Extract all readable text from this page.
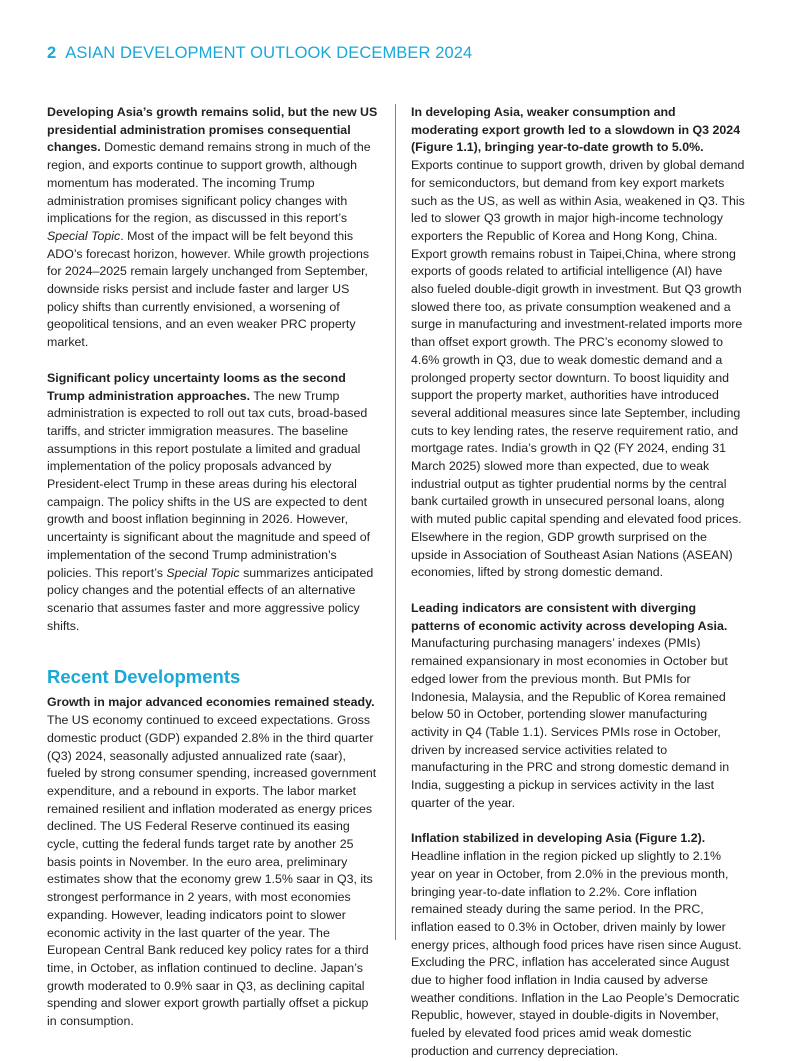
2 ASIAN DEVELOPMENT OUTLOOK DECEMBER 2024

Developing Asia’s growth remains solid, but the new US presidential administration promises consequential changes. Domestic demand remains strong in much of the region, and exports continue to support growth, although momentum has moderated. The incoming Trump administration promises significant policy changes with implications for the region, as discussed in this report’s Special Topic. Most of the impact will be felt beyond this ADO’s forecast horizon, however. While growth projections for 2024–2025 remain largely unchanged from September, downside risks persist and include faster and larger US policy shifts than currently envisioned, a worsening of geopolitical tensions, and an even weaker PRC property market.

Significant policy uncertainty looms as the second Trump administration approaches. The new Trump administration is expected to roll out tax cuts, broad-based tariffs, and stricter immigration measures. The baseline assumptions in this report postulate a limited and gradual implementation of the policy proposals advanced by President-elect Trump in these areas during his electoral campaign. The policy shifts in the US are expected to dent growth and boost inflation beginning in 2026. However, uncertainty is significant about the magnitude and speed of implementation of the second Trump administration’s policies. This report’s Special Topic summarizes anticipated policy changes and the potential effects of an alternative scenario that assumes faster and more aggressive policy shifts.

Recent Developments

Growth in major advanced economies remained steady. The US economy continued to exceed expectations. Gross domestic product (GDP) expanded 2.8% in the third quarter (Q3) 2024, seasonally adjusted annualized rate (saar), fueled by strong consumer spending, increased government expenditure, and a rebound in exports. The labor market remained resilient and inflation moderated as energy prices declined. The US Federal Reserve continued its easing cycle, cutting the federal funds target rate by another 25 basis points in November. In the euro area, preliminary estimates show that the economy grew 1.5% saar in Q3, its strongest performance in 2 years, with most economies expanding. However, leading indicators point to slower economic activity in the last quarter of the year. The European Central Bank reduced key policy rates for a third time, in October, as inflation continued to decline. Japan’s growth moderated to 0.9% saar in Q3, as declining capital spending and slower export growth partially offset a pickup in consumption.

In developing Asia, weaker consumption and moderating export growth led to a slowdown in Q3 2024 (Figure 1.1), bringing year-to-date growth to 5.0%. Exports continue to support growth, driven by global demand for semiconductors, but demand from key export markets such as the US, as well as within Asia, weakened in Q3. This led to slower Q3 growth in major high-income technology exporters the Republic of Korea and Hong Kong, China. Export growth remains robust in Taipei,China, where strong exports of goods related to artificial intelligence (AI) have also fueled double-digit growth in investment. But Q3 growth slowed there too, as private consumption weakened and a surge in manufacturing and investment-related imports more than offset export growth. The PRC’s economy slowed to 4.6% growth in Q3, due to weak domestic demand and a prolonged property sector downturn. To boost liquidity and support the property market, authorities have introduced several additional measures since late September, including cuts to key lending rates, the reserve requirement ratio, and mortgage rates. India’s growth in Q2 (FY 2024, ending 31 March 2025) slowed more than expected, due to weak industrial output as tighter prudential norms by the central bank curtailed growth in unsecured personal loans, along with muted public capital spending and elevated food prices. Elsewhere in the region, GDP growth surprised on the upside in Association of Southeast Asian Nations (ASEAN) economies, lifted by strong domestic demand.

Leading indicators are consistent with diverging patterns of economic activity across developing Asia. Manufacturing purchasing managers’ indexes (PMIs) remained expansionary in most economies in October but edged lower from the previous month. But PMIs for Indonesia, Malaysia, and the Republic of Korea remained below 50 in October, portending slower manufacturing activity in Q4 (Table 1.1). Services PMIs rose in October, driven by increased service activities related to manufacturing in the PRC and strong domestic demand in India, suggesting a pickup in services activity in the last quarter of the year.

Inflation stabilized in developing Asia (Figure 1.2). Headline inflation in the region picked up slightly to 2.1% year on year in October, from 2.0% in the previous month, bringing year-to-date inflation to 2.2%. Core inflation remained steady during the same period. In the PRC, inflation eased to 0.3% in October, driven mainly by lower energy prices, although food prices have risen since August. Excluding the PRC, inflation has accelerated since August due to higher food inflation in India caused by adverse weather conditions. Inflation in the Lao People’s Democratic Republic, however, stayed in double-digits in November, fueled by elevated food prices amid weak domestic production and currency depreciation.
